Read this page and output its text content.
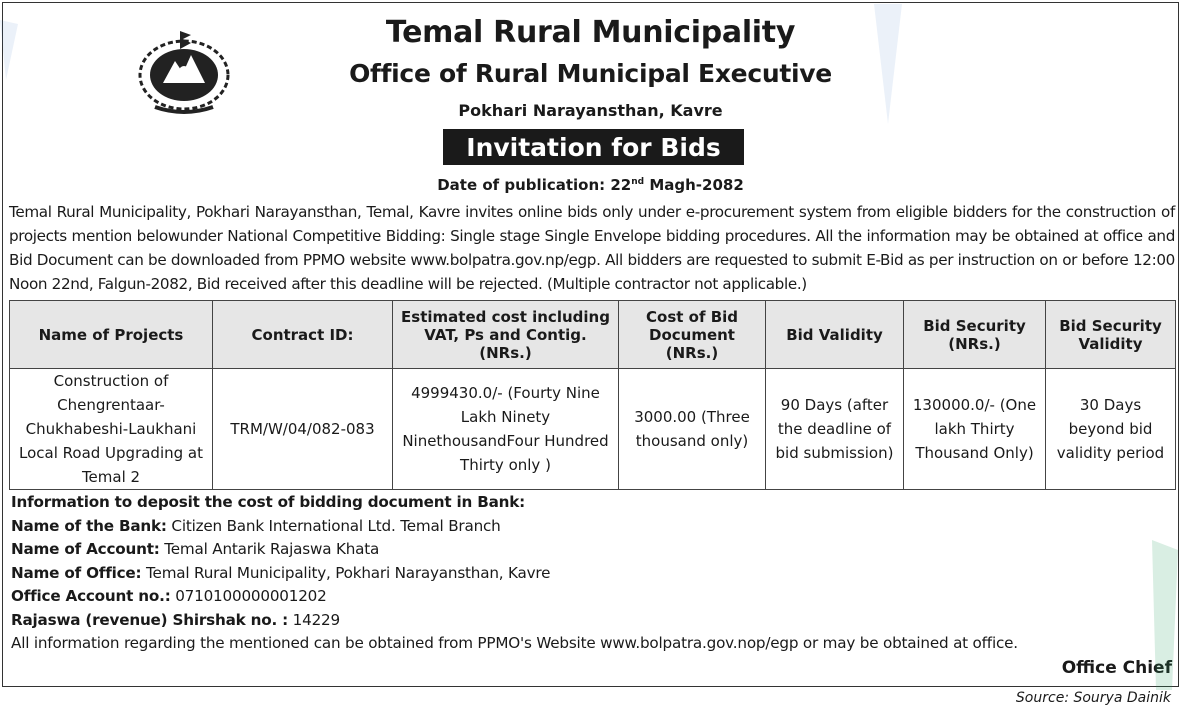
Temal Rural Municipality
Office of Rural Municipal Executive
Pokhari Narayansthan, Kavre
Invitation for Bids
Date of publication: 22nd Magh-2082
Temal Rural Municipality, Pokhari Narayansthan, Temal, Kavre invites online bids only under e-procurement system from eligible bidders for the construction of projects mention belowunder National Competitive Bidding: Single stage Single Envelope bidding procedures. All the information may be obtained at office and Bid Document can be downloaded from PPMO website www.bolpatra.gov.np/egp. All bidders are requested to submit E-Bid as per instruction on or before 12:00 Noon 22nd, Falgun-2082, Bid received after this deadline will be rejected. (Multiple contractor not applicable.)
Name of Projects	Contract ID:	Estimated cost including VAT, Ps and Contig. (NRs.)	Cost of Bid Document (NRs.)	Bid Validity	Bid Security (NRs.)	Bid Security Validity
Construction of Chengrentaar-Chukhabeshi-Laukhani Local Road Upgrading at Temal 2	TRM/W/04/082-083	4999430.0/- (Fourty Nine Lakh Ninety NinethousandFour Hundred Thirty only )	3000.00 (Three thousand only)	90 Days (after the deadline of bid submission)	130000.0/- (One lakh Thirty Thousand Only)	30 Days beyond bid validity period
Information to deposit the cost of bidding document in Bank:
Name of the Bank: Citizen Bank International Ltd. Temal Branch
Name of Account: Temal Antarik Rajaswa Khata
Name of Office: Temal Rural Municipality, Pokhari Narayansthan, Kavre
Office Account no.: 0710100000001202
Rajaswa (revenue) Shirshak no. : 14229
All information regarding the mentioned can be obtained from PPMO's Website www.bolpatra.gov.nop/egp or may be obtained at office.
Office Chief
Source: Sourya Dainik
